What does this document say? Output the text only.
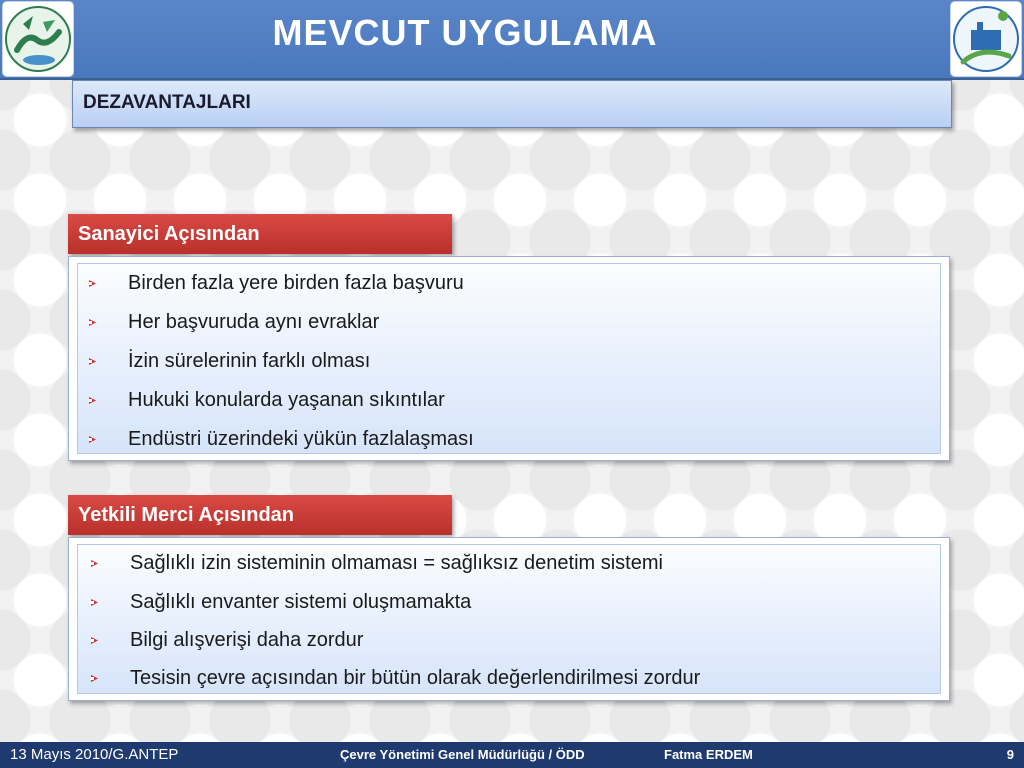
MEVCUT UYGULAMA
DEZAVANTAJLARI
Sanayici Açısından
Birden fazla yere birden fazla başvuru
Her başvuruda aynı evraklar
İzin sürelerinin farklı olması
Hukuki konularda yaşanan sıkıntılar
Endüstri üzerindeki yükün fazlalaşması
Yetkili Merci Açısından
Sağlıklı izin sisteminin olmaması = sağlıksız denetim sistemi
Sağlıklı envanter sistemi oluşmamakta
Bilgi alışverişi daha zordur
Tesisin çevre açısından bir bütün olarak değerlendirilmesi zordur
13 Mayıs 2010/G.ANTEP	Çevre Yönetimi Genel Müdürlüğü / ÖDD	Fatma ERDEM	9
